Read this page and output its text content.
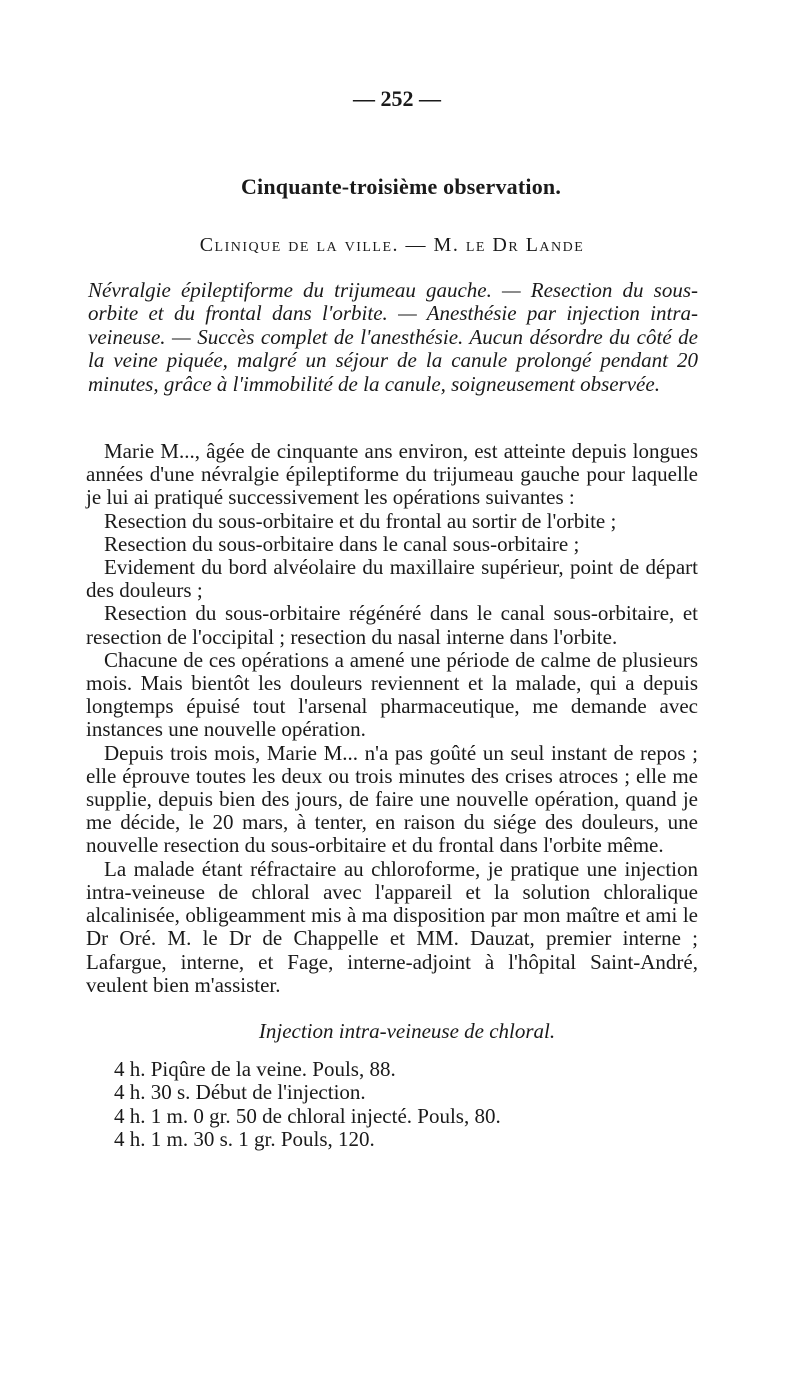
— 252 —
Cinquante-troisième observation.
Clinique de la ville. — M. le Dr Lande
Névralgie épileptiforme du trijumeau gauche. — Resection du sous-orbite et du frontal dans l'orbite. — Anesthésie par injection intra-veineuse. — Succès complet de l'anesthésie. Aucun désordre du côté de la veine piquée, malgré un séjour de la canule prolongé pendant 20 minutes, grâce à l'immobilité de la canule, soigneusement observée.

Marie M..., âgée de cinquante ans environ, est atteinte depuis longues années d'une névralgie épileptiforme du trijumeau gauche pour laquelle je lui ai pratiqué successivement les opérations suivantes :

Resection du sous-orbitaire et du frontal au sortir de l'orbite ;

Resection du sous-orbitaire dans le canal sous-orbitaire ;

Evidement du bord alvéolaire du maxillaire supérieur, point de départ des douleurs ;

Resection du sous-orbitaire régénéré dans le canal sous-orbitaire, et resection de l'occipital ; resection du nasal interne dans l'orbite.

Chacune de ces opérations a amené une période de calme de plusieurs mois. Mais bientôt les douleurs reviennent et la malade, qui a depuis longtemps épuisé tout l'arsenal pharmaceutique, me demande avec instances une nouvelle opération.

Depuis trois mois, Marie M... n'a pas goûté un seul instant de repos ; elle éprouve toutes les deux ou trois minutes des crises atroces ; elle me supplie, depuis bien des jours, de faire une nouvelle opération, quand je me décide, le 20 mars, à tenter, en raison du siége des douleurs, une nouvelle resection du sous-orbitaire et du frontal dans l'orbite même.

La malade étant réfractaire au chloroforme, je pratique une injection intra-veineuse de chloral avec l'appareil et la solution chloralique alcalinisée, obligeamment mis à ma disposition par mon maître et ami le Dr Oré. M. le Dr de Chappelle et MM. Dauzat, premier interne ; Lafargue, interne, et Fage, interne-adjoint à l'hôpital Saint-André, veulent bien m'assister.

Injection intra-veineuse de chloral.
4 h. Piqûre de la veine. Pouls, 88.
4 h. 30 s. Début de l'injection.
4 h. 1 m. 0 gr. 50 de chloral injecté. Pouls, 80.
4 h. 1 m. 30 s. 1 gr. Pouls, 120.
